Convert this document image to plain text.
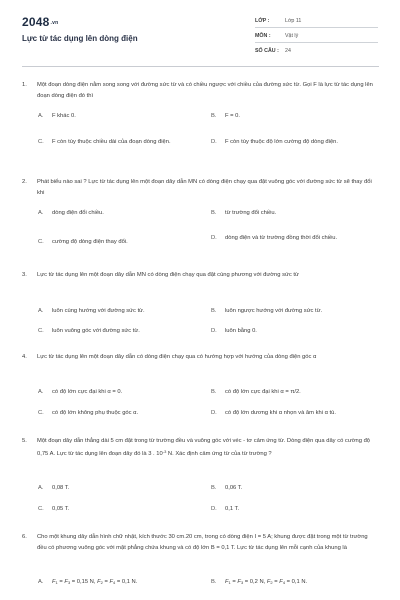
2048.vn
Lực từ tác dụng lên dòng điện
LỚP :	Lớp 11
MÔN :	Vật lý
SỐ CÂU :	24
1.	Một đoạn dòng điện nằm song song với đường sức từ và có chiều ngược với chiều của đường sức từ. Gọi F là lực từ tác dụng lên đoạn dòng điện đó thì
A.	F khác 0.	B.	F = 0.
C.	F còn tùy thuộc chiều dài của đoạn dòng điện.	D.	F còn tùy thuộc độ lớn cường độ dòng điện.
2.	Phát biểu nào sai ? Lực từ tác dụng lên một đoạn dây dẫn MN có dòng điện chạy qua đặt vuông góc với đường sức từ sẽ thay đổi khi
A.	dòng điện đổi chiều.	B.	từ trường đổi chiều.
C.	cường độ dòng điện thay đổi.
D.	dòng điện và từ trường đồng thời đổi chiều.
3.	Lực từ tác dụng lên một đoạn dây dẫn MN có dòng điện chạy qua đặt cùng phương với đường sức từ
A.	luôn cùng hướng với đường sức từ.	B.	luôn ngược hướng với đường sức từ.
C.	luôn vuông góc với đường sức từ.	D.	luôn bằng 0.
4.	Lực từ tác dụng lên một đoạn dây dẫn có dòng điện chạy qua có hướng hợp với hướng của dòng điện góc α
A.	có độ lớn cực đại khi α = 0.	B.	có độ lớn cực đại khi α = π/2.
C.	có độ lớn không phụ thuộc góc α.	D.	có độ lớn dương khi α nhọn và âm khi α tù.
5.	Một đoạn dây dẫn thẳng dài 5 cm đặt trong từ trường đều và vuông góc với véc - tơ cảm ứng từ. Dòng điện qua dây có cường độ 0,75 A. Lực từ tác dụng lên đoạn dây đó là 3 . $10^{-3}$ N. Xác định cảm ứng từ của từ trường ?
A.	0,08 T.	B.	0,06 T.
C.	0,05 T.	D.	0,1 T.
6.	Cho một khung dây dẫn hình chữ nhật, kích thước 30 cm.20 cm, trong có dòng điện I = 5 A; khung được đặt trong một từ trường đều có phương vuông góc với mặt phẳng chứa khung và có độ lớn B = 0,1 T. Lực từ tác dụng lên mỗi cạnh của khung là
A.	$F_1 = F_3 = 0,15$ N, $F_2 = F_4 = 0,1$ N.	B.	$F_1 = F_3 = 0,2$ N, $F_2 = F_4 = 0,1$ N.
